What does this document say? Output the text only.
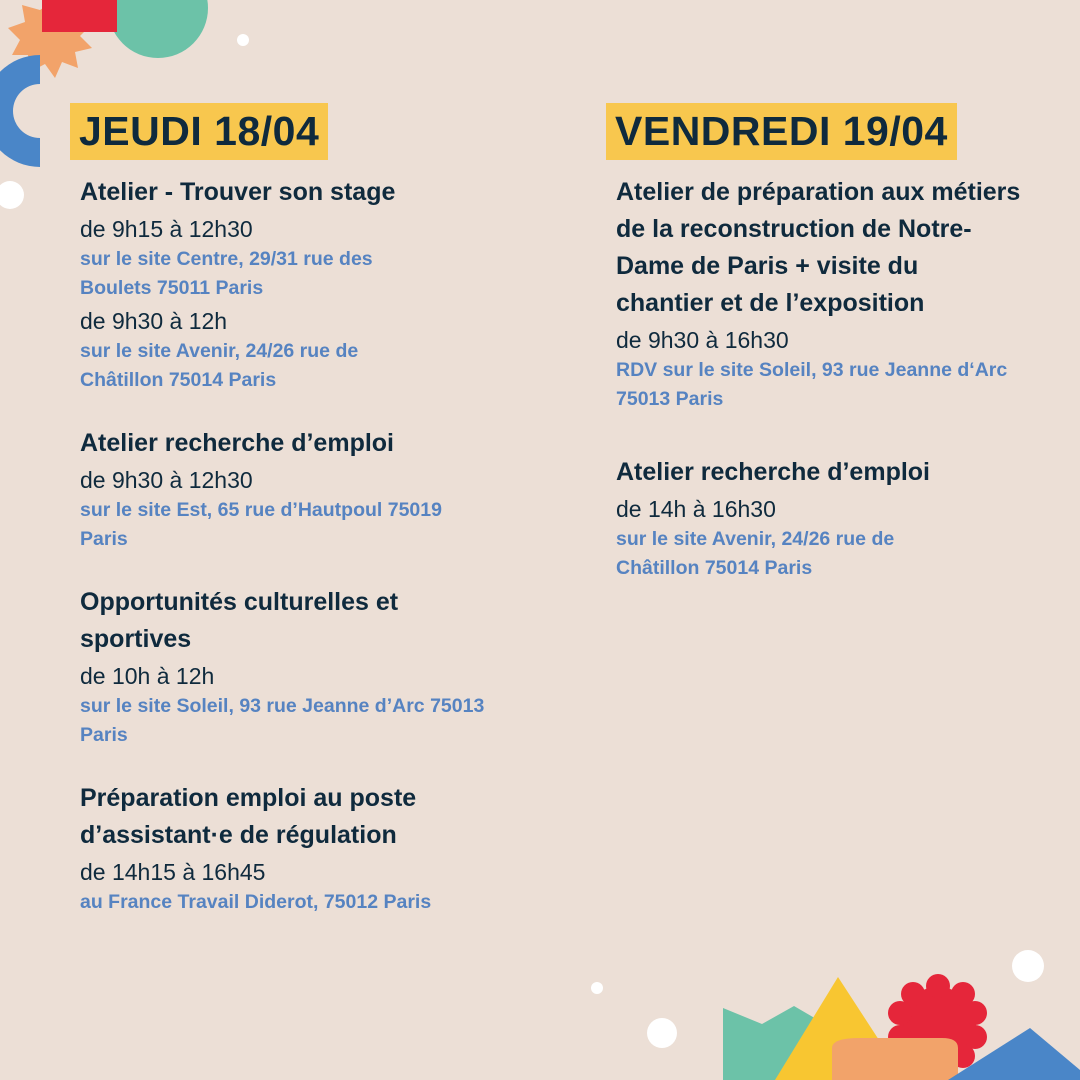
JEUDI 18/04
Atelier - Trouver son stage
de 9h15 à 12h30
sur le site Centre, 29/31 rue des Boulets 75011 Paris
de 9h30 à 12h
sur le site Avenir, 24/26 rue de Châtillon 75014 Paris
Atelier recherche d’emploi
de 9h30 à 12h30
sur le site Est, 65 rue d’Hautpoul 75019 Paris
Opportunités culturelles et sportives
de 10h à 12h
sur le site Soleil, 93 rue Jeanne d’Arc 75013 Paris
Préparation emploi au poste d’assistant·e de régulation
de 14h15 à 16h45
au France Travail Diderot, 75012 Paris
VENDREDI 19/04
Atelier de préparation aux métiers de la reconstruction de Notre-Dame de Paris + visite du chantier et de l’exposition
de 9h30 à 16h30
RDV sur le site Soleil, 93 rue Jeanne d‘Arc 75013 Paris
Atelier recherche d’emploi
de 14h à 16h30
sur le site Avenir, 24/26 rue de Châtillon 75014 Paris
